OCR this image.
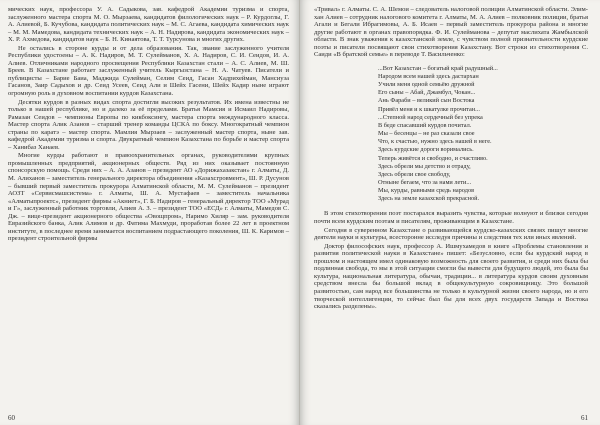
мических наук, профессора У. А. Садыкова, зав. кафедрой Академии туризма и спорта, заслуженного мастера спорта М. О. Мырзаева, кандидатов филологических наук – Р. Курдоглы, Г. А. Алиевой, Б. Кучубова, кандидата политических наук – М. С. Агаева, кандидата химических наук – М. М. Мамедова, кандидата технических наук – А. Н. Надирова, кандидата экономических наук – Х. Р. Ахмедова, кандидатов наук – Б. Н. Кинаятова, Т. Т. Турсунова и многих других.

Не остались в стороне курды и от дела образования. Так, звание заслуженного учителя Республики удостоены – А. К. Надиров, М. Т. Сулейманов, Х. А. Надиров, С. И. Сеидов, И. А. Алиев. Отличниками народного просвещения Республики Казахстан стали – А. С. Алиев, М. Ш. Бреев. В Казахстане работает заслуженный учитель Кыргызстана – Н. А. Чатуев. Писатели и публицисты – Барие Баиа, Маджида Сулейман, Селим Сеид, Гасан Хадрихейман, Мансиуза Гасанов, Заир Садыхов и др. Сеид Усеев, Сеид Али и Шейх Гасени, Шейх Кадир ныне играют огромную роль в духовном воспитании курдов Казахстана.

Десятки курдов в разных видах спорта достигли высоких результатов. Их имена известны не только в нашей республике, но и далеко за её пределами. Братья Мамсия и Исмаил Надировы, Рамазан Сеидов – чемпионы Европы по кикбоксингу, мастера спорта международного класса. Мастер спорта Алик Азанов – старший тренер команды ЦСКА по боксу. Многократный чемпион страны по каратэ – мастер спорта. Мамлия Мырзаев – заслуженный мастер спорта, ныне зав. кафедрой Академии туризма и спорта. Двукратный чемпион Казахстана по борьбе и мастер спорта – Ханибаз Ханаев.

Многие курды работают в правоохранительных органах, руководителями крупных промышленных предприятий, акционерных обществ. Ряд из них оказывает постоянную спонсорскую помощь. Среди них – А. А. Азанов – президент АО «Дорижахазакстан» г. Алматы, Д. М. Алиханов – заместитель генерального директора объединения «Казахсгровмент», Ш. Р. Дусунов – бывший первый заместитель прокурора Алматинской области, М. М. Сулейманов – президент АОЗТ «Сервисмашсистема» г. Алматы, Ш. А. Мустафаев – заместитель начальника «Алматыпроектс», президент фирмы «Акниет», Г. Б. Надиров – генеральный директор ТОО «Мурад и Г», заслуженный работник торговли, Алиев А. З. – президент ТОО «ЕСД» г. Алматы, Мамедов С. Дж. – вице-президент акционерного общества «Овощпром», Наримо Хиляр – зам. руководителя Евразийского банка, Алик Алимов и др. Фатима Махмуди, проработав более 22 лет в проектном институте, в последнее время занимается воспитанием подрастающего поколения, Ш. К. Каримов – президент строительной фирмы

60

«Тривал» г. Алматы. С. А. Шемои – следователь налоговой полиции Алматинской области. Элим-хан Алиев – сотрудник налогового комитета г. Алматы, М. А. Алиев – полковник полиции, братья Агали и Бегали Ибрагимовы, А. Б. Исаев – первый заместитель прокурора района и многие другие работают в органах правопорядка. Ф. И. Сулейманова – депутат маслихата Жамбылской области. В знак уважения к казахстанской земле, с чувством полной признательности курдские поэты и писатели посвящают свои стихотворения Казахстану. Вот строки из стихотворения С. Саиди «В братской семье» в переводе Т. Васильченко:

...Вот Казахстан – богатый край радушный...
Народом всем нашей здесь дастархан
Учили меня одной семьёю дружной
Его сыны – Абай, Джамбул, Чокан...
Ань Фараби – великий сын Востока
Привёл меня и к шкатулке прочитан...
...Степной народ сердечный без упрека
В беде спасавший курдов почитал.
Мы – бесенцы – не раз сказали свое
Что, к счастью, нужно здесь нашей в неге.
Здесь курдские дороги воримались.
Теперь живётся и свободно, и счастливо.
Здесь обрели мы детство и отраду,
Здесь обрели свое свободу,
Отныне бегаем, что за нами лети...
Мы, курды, равными средь народов
Здесь на земле казахской прекрасной.

В этом стихотворении поэт постарался выразить чувства, которые волнуют и близки сегодня почти всем курдским поэтам и писателям, проживающим в Казахстане.

Сегодня в суверенном Казахстане о развивающейся курдско-казахских связях пишут многие деятели науки и культуры, всесторонне исследуя причины и следствия тех или иных явлений.

Доктор философских наук, профессор А. Ишмухамедов в книге «Проблемы становления и развития политической науки в Казахстане» пишет: «Безусловно, если бы курдский народ в прошлом и настоящем имел одинаковую возможность для своего развития, и среди них была бы подлинная свобода, то мы в этой ситуации смогли бы вывести для будущего людей, это была бы культура, национальная литература, обычаи, традиции... в литература курдов своим духовным средством внесла бы большой вклад в общекультурную сокровищницу. Это большой развитостью, сам народ все большинства не только в культурной жизни своего народа, но и его творческой интеллигенции, то сейчас был бы для всех двух государств Запада и Востока сказались разделены».

61
